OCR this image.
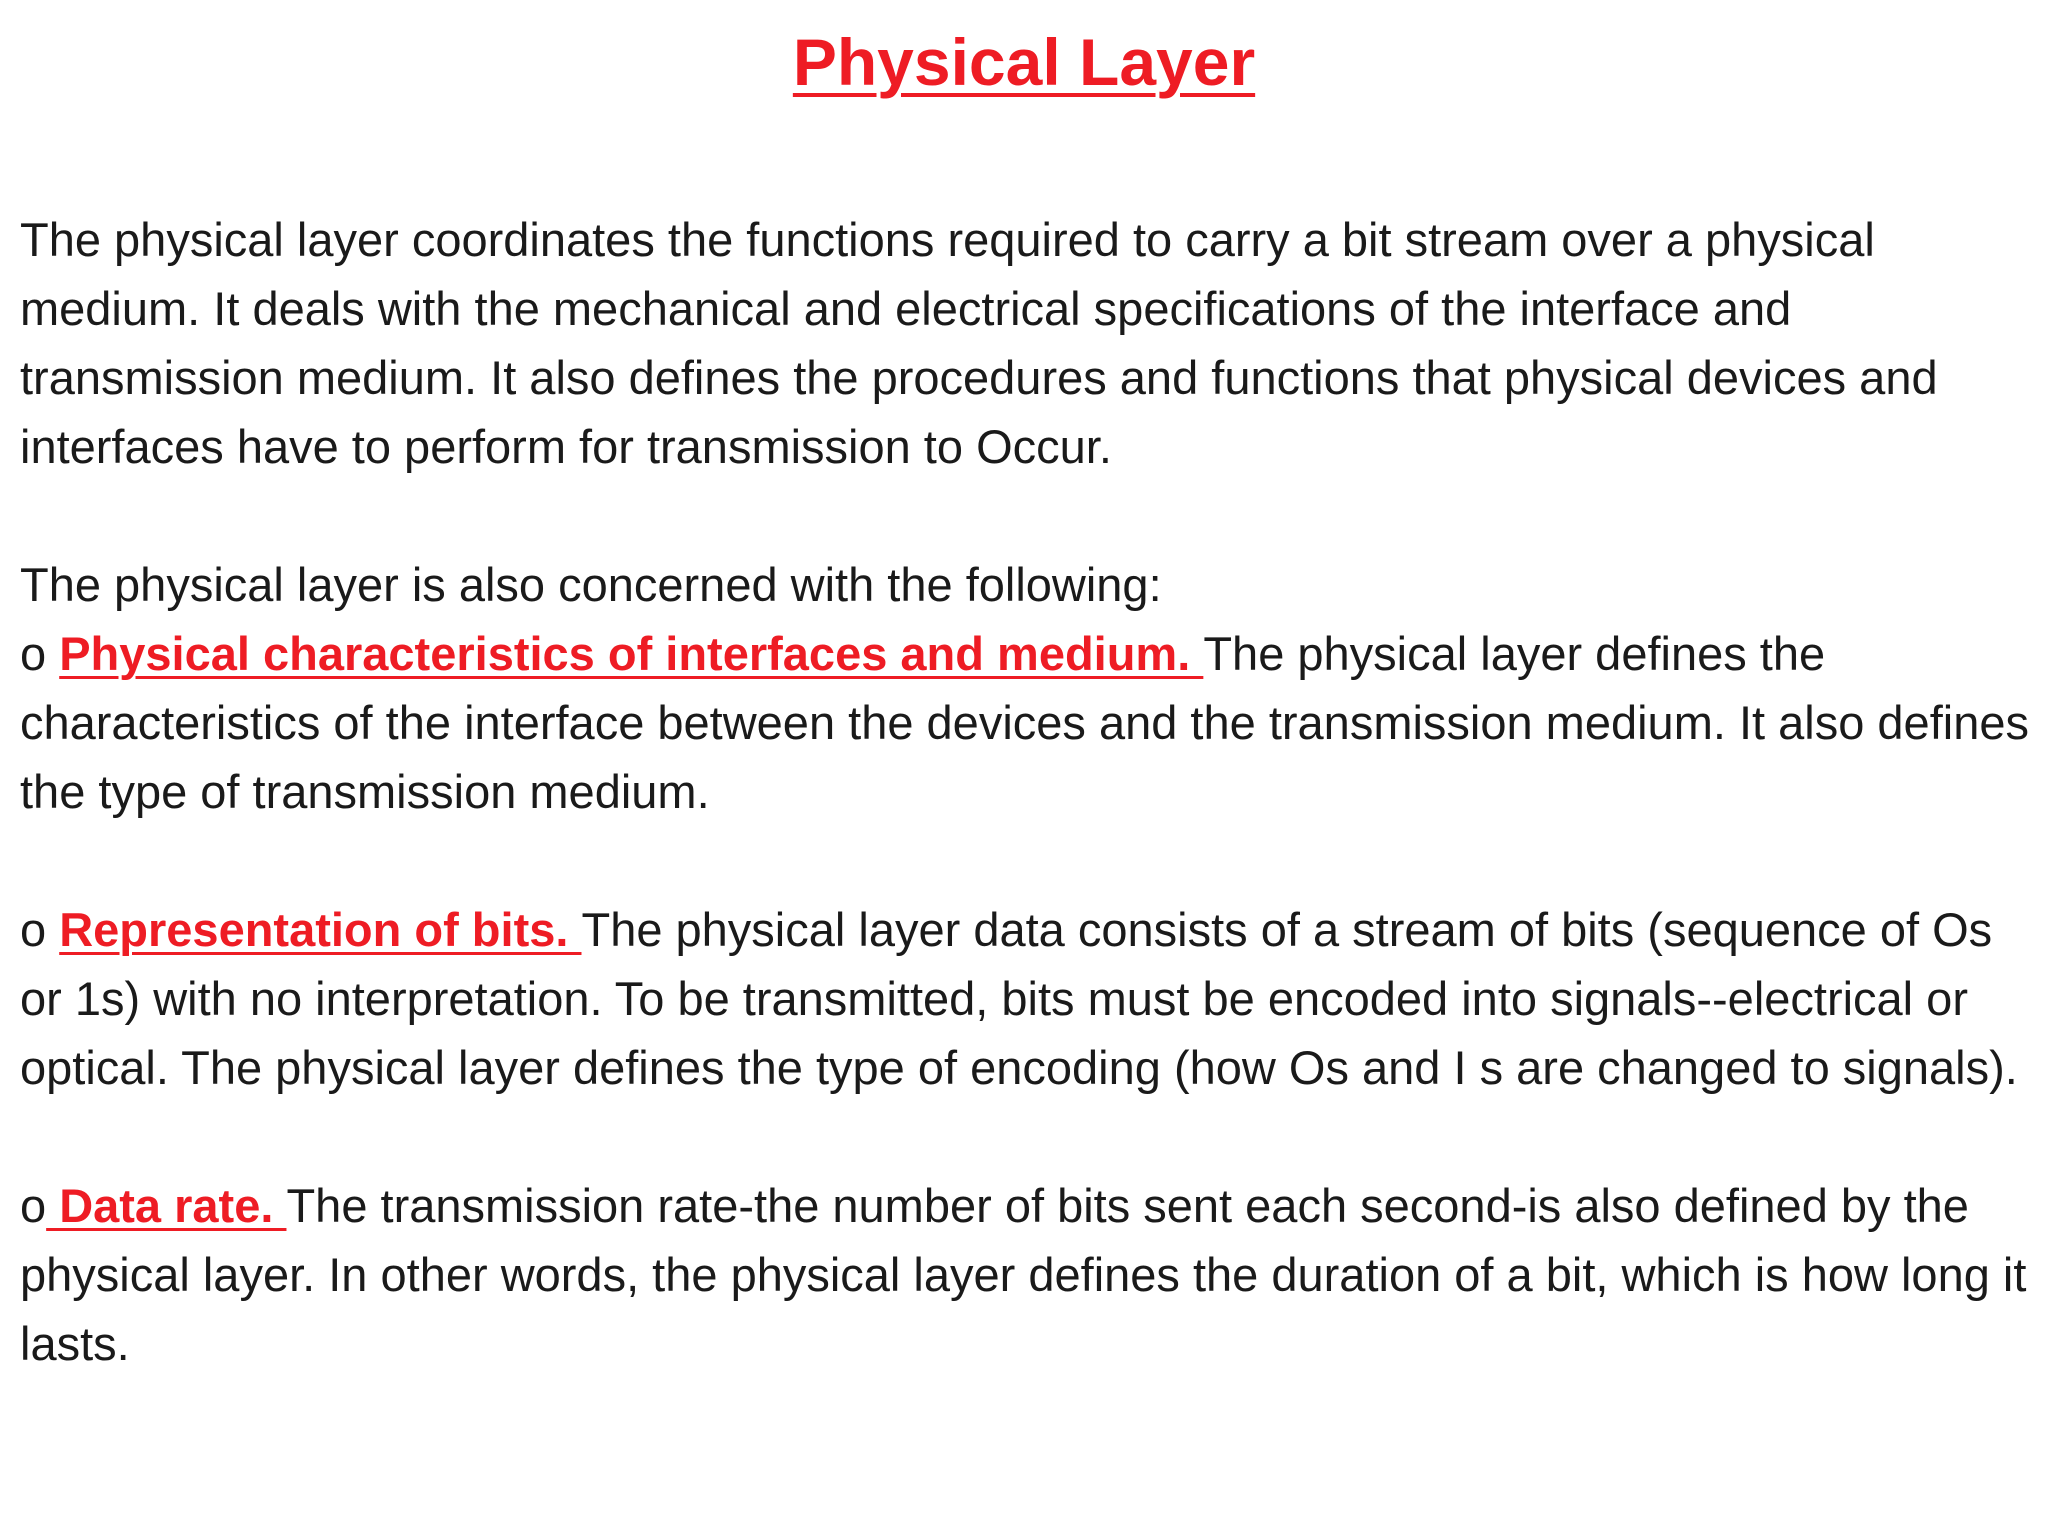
Physical Layer

The physical layer coordinates the functions required to carry a bit stream over a physical medium. It deals with the mechanical and electrical specifications of the interface and transmission medium. It also defines the procedures and functions that physical devices and interfaces have to perform for transmission to Occur.

The physical layer is also concerned with the following:

o Physical characteristics of interfaces and medium. The physical layer defines the characteristics of the interface between the devices and the transmission medium. It also defines the type of transmission medium.

o Representation of bits. The physical layer data consists of a stream of bits (sequence of Os or 1s) with no interpretation. To be transmitted, bits must be encoded into signals--electrical or optical. The physical layer defines the type of encoding (how Os and I s are changed to signals).

o Data rate. The transmission rate-the number of bits sent each second-is also defined by the physical layer. In other words, the physical layer defines the duration of a bit, which is how long it lasts.
